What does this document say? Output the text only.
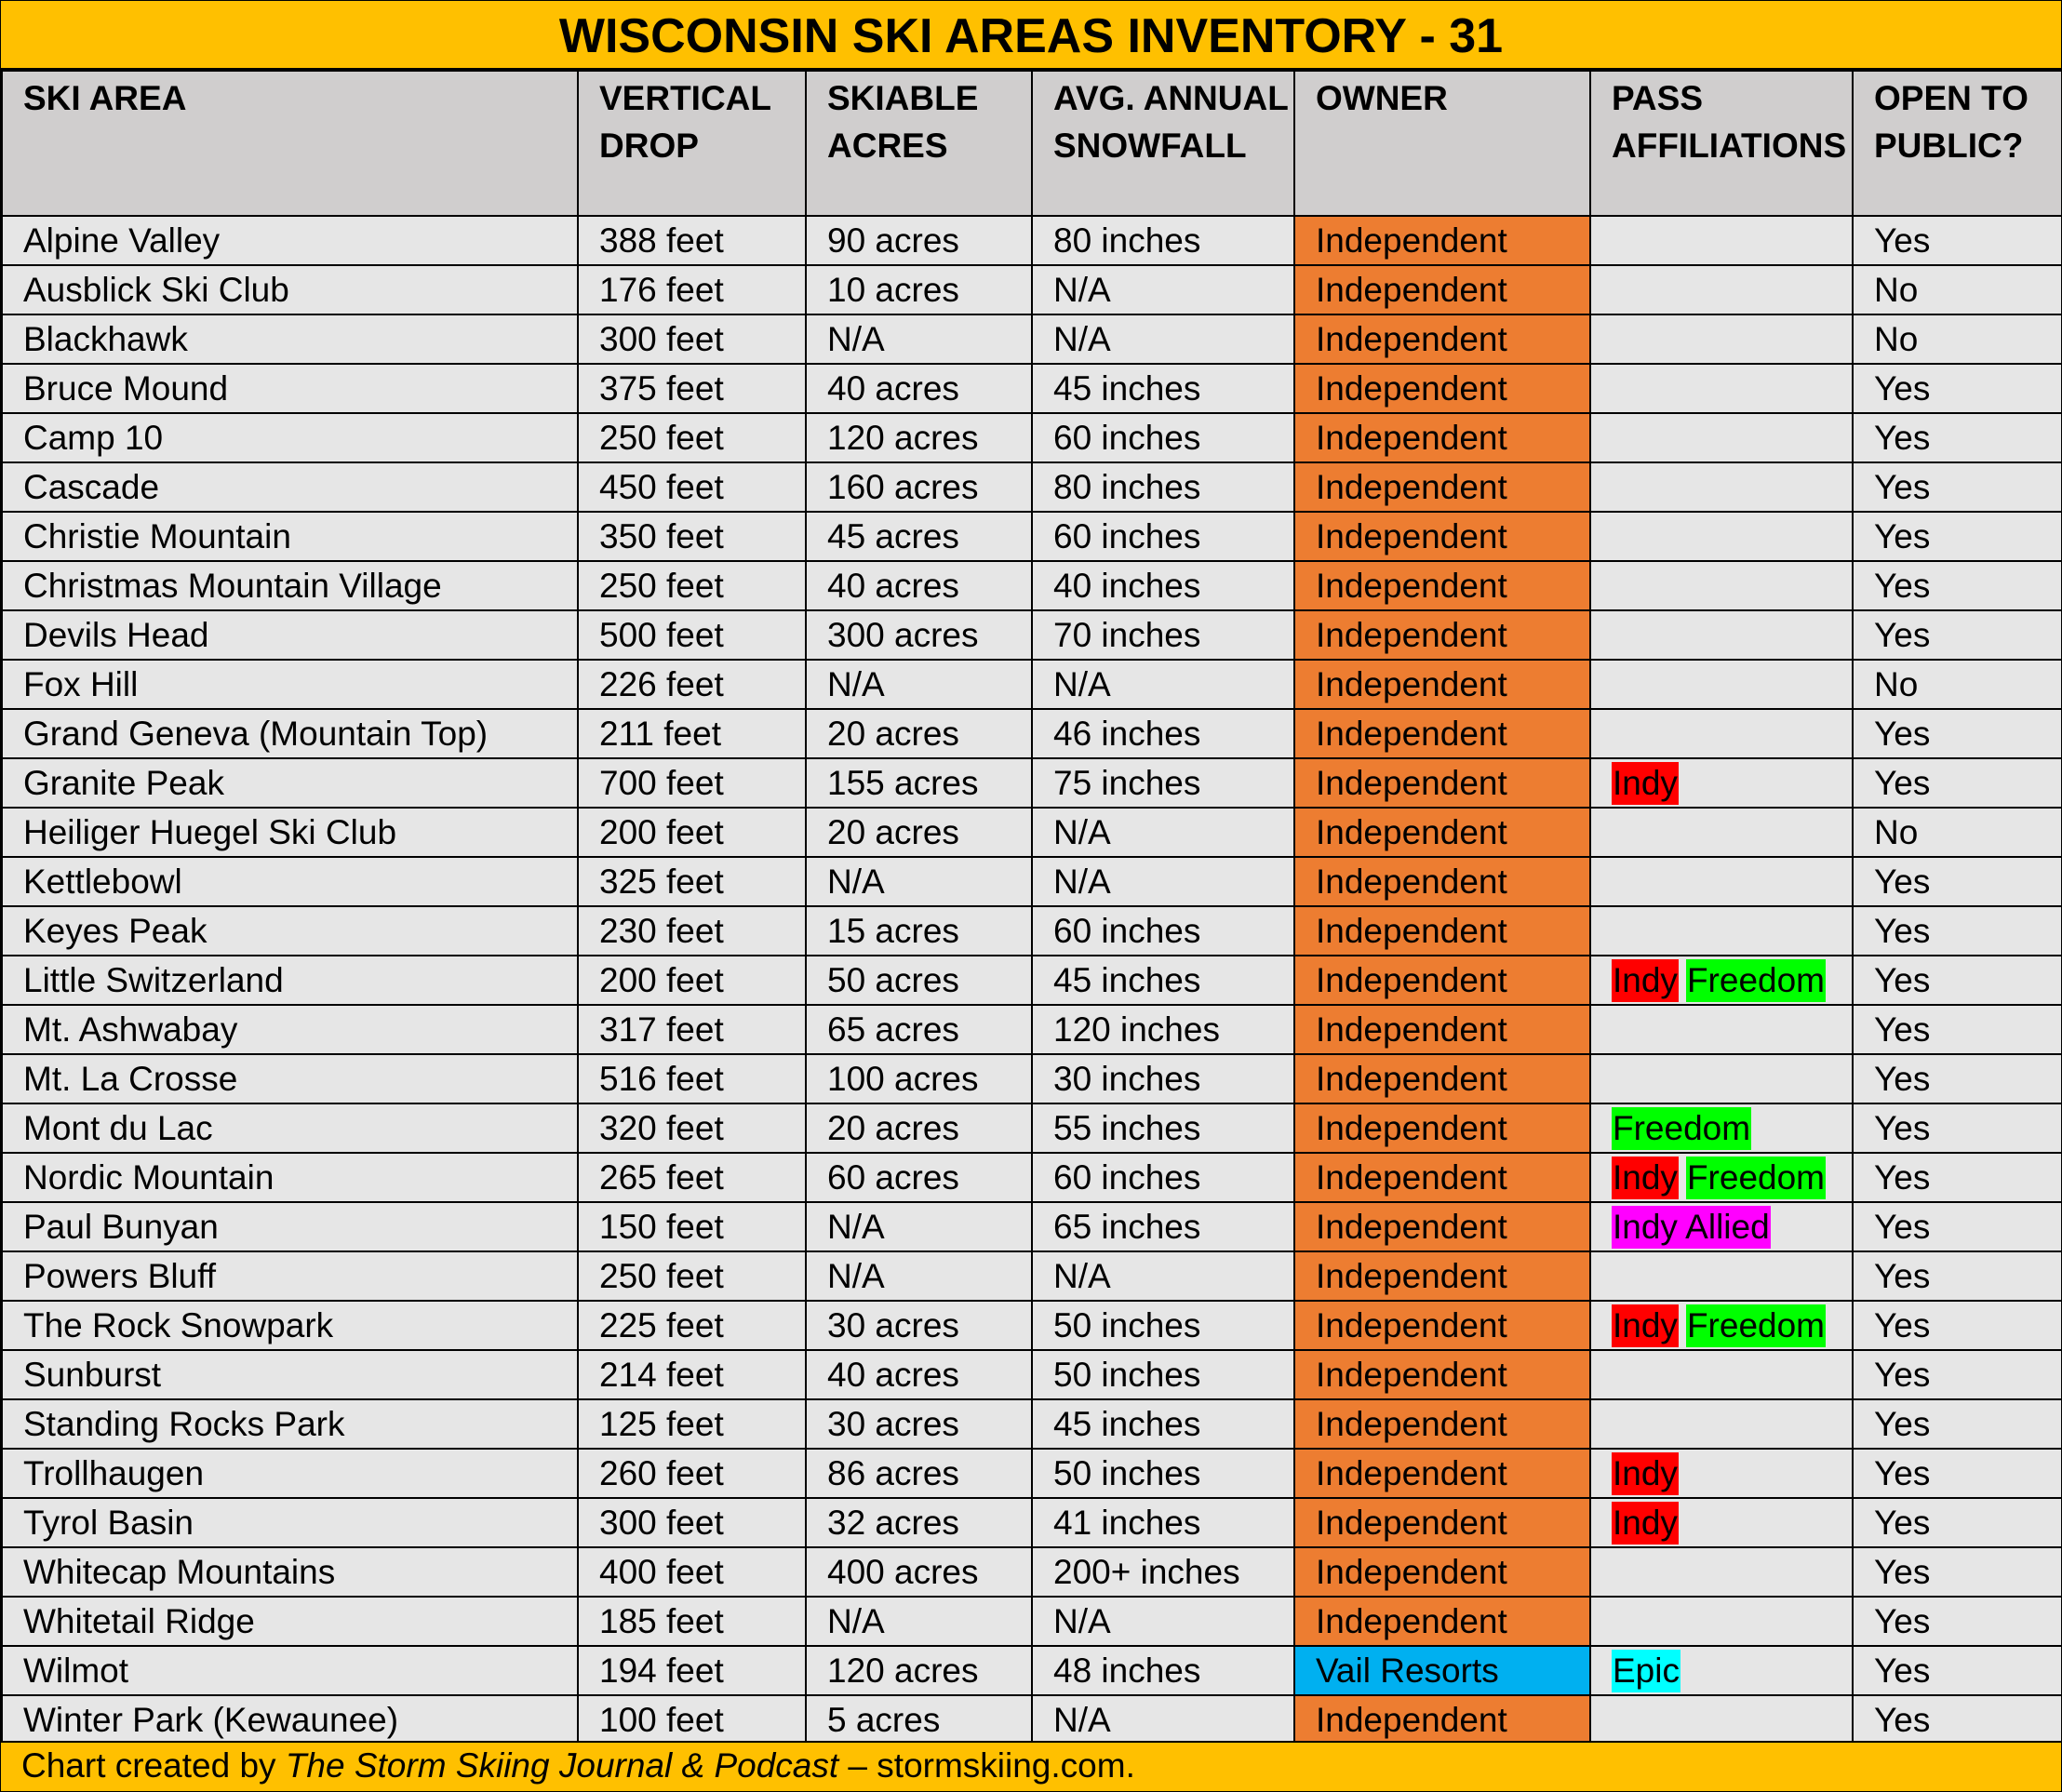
WISCONSIN SKI AREAS INVENTORY - 31
SKI AREA	VERTICAL DROP	SKIABLE ACRES	AVG. ANNUAL SNOWFALL	OWNER	PASS AFFILIATIONS	OPEN TO PUBLIC?
Alpine Valley	388 feet	90 acres	80 inches	Independent		Yes
Ausblick Ski Club	176 feet	10 acres	N/A	Independent		No
Blackhawk	300 feet	N/A	N/A	Independent		No
Bruce Mound	375 feet	40 acres	45 inches	Independent		Yes
Camp 10	250 feet	120 acres	60 inches	Independent		Yes
Cascade	450 feet	160 acres	80 inches	Independent		Yes
Christie Mountain	350 feet	45 acres	60 inches	Independent		Yes
Christmas Mountain Village	250 feet	40 acres	40 inches	Independent		Yes
Devils Head	500 feet	300 acres	70 inches	Independent		Yes
Fox Hill	226 feet	N/A	N/A	Independent		No
Grand Geneva (Mountain Top)	211 feet	20 acres	46 inches	Independent		Yes
Granite Peak	700 feet	155 acres	75 inches	Independent	Indy	Yes
Heiliger Huegel Ski Club	200 feet	20 acres	N/A	Independent		No
Kettlebowl	325 feet	N/A	N/A	Independent		Yes
Keyes Peak	230 feet	15 acres	60 inches	Independent		Yes
Little Switzerland	200 feet	50 acres	45 inches	Independent	Indy Freedom	Yes
Mt. Ashwabay	317 feet	65 acres	120 inches	Independent		Yes
Mt. La Crosse	516 feet	100 acres	30 inches	Independent		Yes
Mont du Lac	320 feet	20 acres	55 inches	Independent	Freedom	Yes
Nordic Mountain	265 feet	60 acres	60 inches	Independent	Indy Freedom	Yes
Paul Bunyan	150 feet	N/A	65 inches	Independent	Indy Allied	Yes
Powers Bluff	250 feet	N/A	N/A	Independent		Yes
The Rock Snowpark	225 feet	30 acres	50 inches	Independent	Indy Freedom	Yes
Sunburst	214 feet	40 acres	50 inches	Independent		Yes
Standing Rocks Park	125 feet	30 acres	45 inches	Independent		Yes
Trollhaugen	260 feet	86 acres	50 inches	Independent	Indy	Yes
Tyrol Basin	300 feet	32 acres	41 inches	Independent	Indy	Yes
Whitecap Mountains	400 feet	400 acres	200+ inches	Independent		Yes
Whitetail Ridge	185 feet	N/A	N/A	Independent		Yes
Wilmot	194 feet	120 acres	48 inches	Vail Resorts	Epic	Yes
Winter Park (Kewaunee)	100 feet	5 acres	N/A	Independent		Yes
Chart created by The Storm Skiing Journal & Podcast – stormskiing.com.
